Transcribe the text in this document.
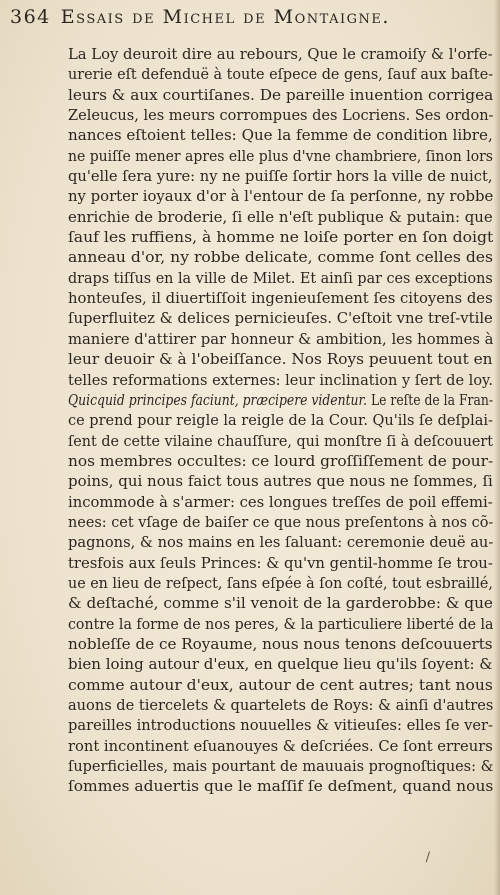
364 Essais de Michel de Montaigne.
La Loy deuroit dire au rebours, Que le cramoiſy & l'orfe-
urerie eſt defenduë à toute eſpece de gens, ſauf aux baſte-
leurs & aux courtiſanes. De pareille inuention corrigea
Zeleucus, les meurs corrompues des Locriens. Ses ordon-
nances eſtoient telles: Que la femme de condition libre,
ne puiſſe mener apres elle plus d'vne chambriere, ſinon lors
qu'elle ſera yure: ny ne puiſſe ſortir hors la ville de nuict,
ny porter ioyaux d'or à l'entour de ſa perſonne, ny robbe
enrichie de broderie, ſi elle n'eſt publique & putain: que
ſauf les ruffiens, à homme ne loiſe porter en ſon doigt
anneau d'or, ny robbe delicate, comme ſont celles des
draps tiſſus en la ville de Milet. Et ainſi par ces exceptions
honteuſes, il diuertiſſoit ingenieuſement ſes citoyens des
ſuperfluitez & delices pernicieuſes. C'eſtoit vne treſ-vtile
maniere d'attirer par honneur & ambition, les hommes à
leur deuoir & à l'obeiſſance. Nos Roys peuuent tout en
telles reformations externes: leur inclination y ſert de loy.
Quicquid principes faciunt, præcipere videntur. Le reſte de la Fran-
ce prend pour reigle la reigle de la Cour. Qu'ils ſe deſplai-
ſent de cette vilaine chauſſure, qui monſtre ſi à deſcouuert
nos membres occultes: ce lourd groſſiſſement de pour-
poins, qui nous faict tous autres que nous ne ſommes, ſi
incommode à s'armer: ces longues treſſes de poil effemi-
nees: cet vſage de baiſer ce que nous preſentons à nos cõ-
pagnons, & nos mains en les ſaluant: ceremonie deuë au-
tresfois aux ſeuls Princes: & qu'vn gentil-homme ſe trou-
ue en lieu de reſpect, ſans eſpée à ſon coſté, tout esbraillé,
& deſtaché, comme s'il venoit de la garderobbe: & que
contre la forme de nos peres, & la particuliere liberté de la
nobleſſe de ce Royaume, nous nous tenons deſcouuerts
bien loing autour d'eux, en quelque lieu qu'ils ſoyent: &
comme autour d'eux, autour de cent autres; tant nous
auons de tiercelets & quartelets de Roys: & ainſi d'autres
pareilles introductions nouuelles & vitieuſes: elles ſe ver-
ront incontinent eſuanouyes & deſcriées. Ce ſont erreurs
ſuperficielles, mais pourtant de mauuais prognoſtiques: &
ſommes aduertis que le maſſif ſe deſment, quand nous
/
